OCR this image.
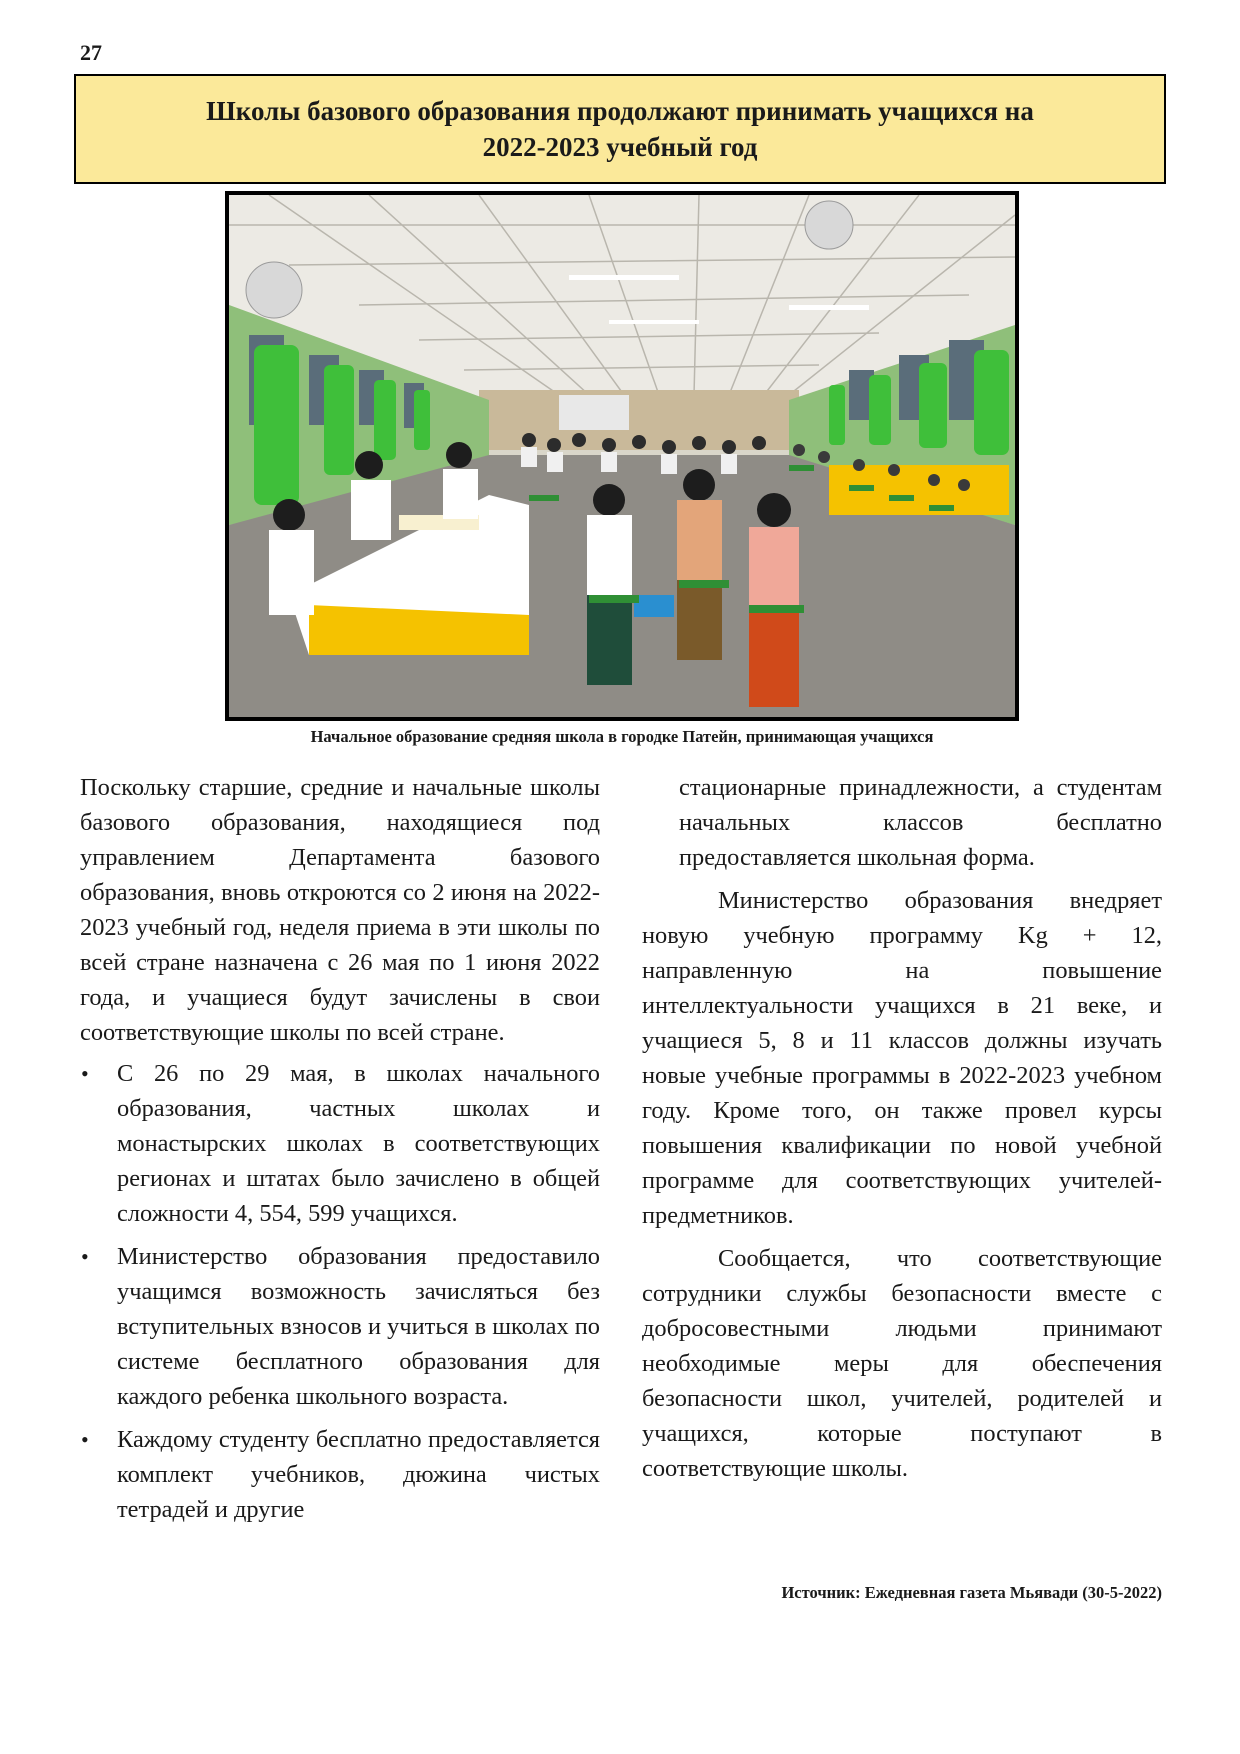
27
Школы базового образования продолжают принимать учащихся на
2022-2023 учебный год
Начальное образование средняя школа в городке Патейн, принимающая учащихся

Поскольку старшие, средние и начальные школы базового образования, находящиеся под управлением Департамента базового образования, вновь откроются со 2 июня на 2022-2023 учебный год, неделя приема в эти школы по всей стране назначена с 26 мая по 1 июня 2022 года, и учащиеся будут зачислены в свои соответствующие школы по всей стране.

• С 26 по 29 мая, в школах начального образования, частных школах и монастырских школах в соответствующих регионах и штатах было зачислено в общей сложности 4, 554, 599 учащихся.
• Министерство образования предоставило учащимся возможность зачисляться без вступительных взносов и учиться в школах по системе бесплатного образования для каждого ребенка школьного возраста.
• Каждому студенту бесплатно предоставляется комплект учебников, дюжина чистых тетрадей и другие

стационарные принадлежности, а студентам начальных классов бесплатно предоставляется школьная форма.

Министерство образования внедряет новую учебную программу Kg + 12, направленную на повышение интеллектуальности учащихся в 21 веке, и учащиеся 5, 8 и 11 классов должны изучать новые учебные программы в 2022-2023 учебном году. Кроме того, он также провел курсы повышения квалификации по новой учебной программе для соответствующих учителей-предметников.

Сообщается, что соответствующие сотрудники службы безопасности вместе с добросовестными людьми принимают необходимые меры для обеспечения безопасности школ, учителей, родителей и учащихся, которые поступают в соответствующие школы.

Источник: Ежедневная газета Мьявади (30-5-2022)
